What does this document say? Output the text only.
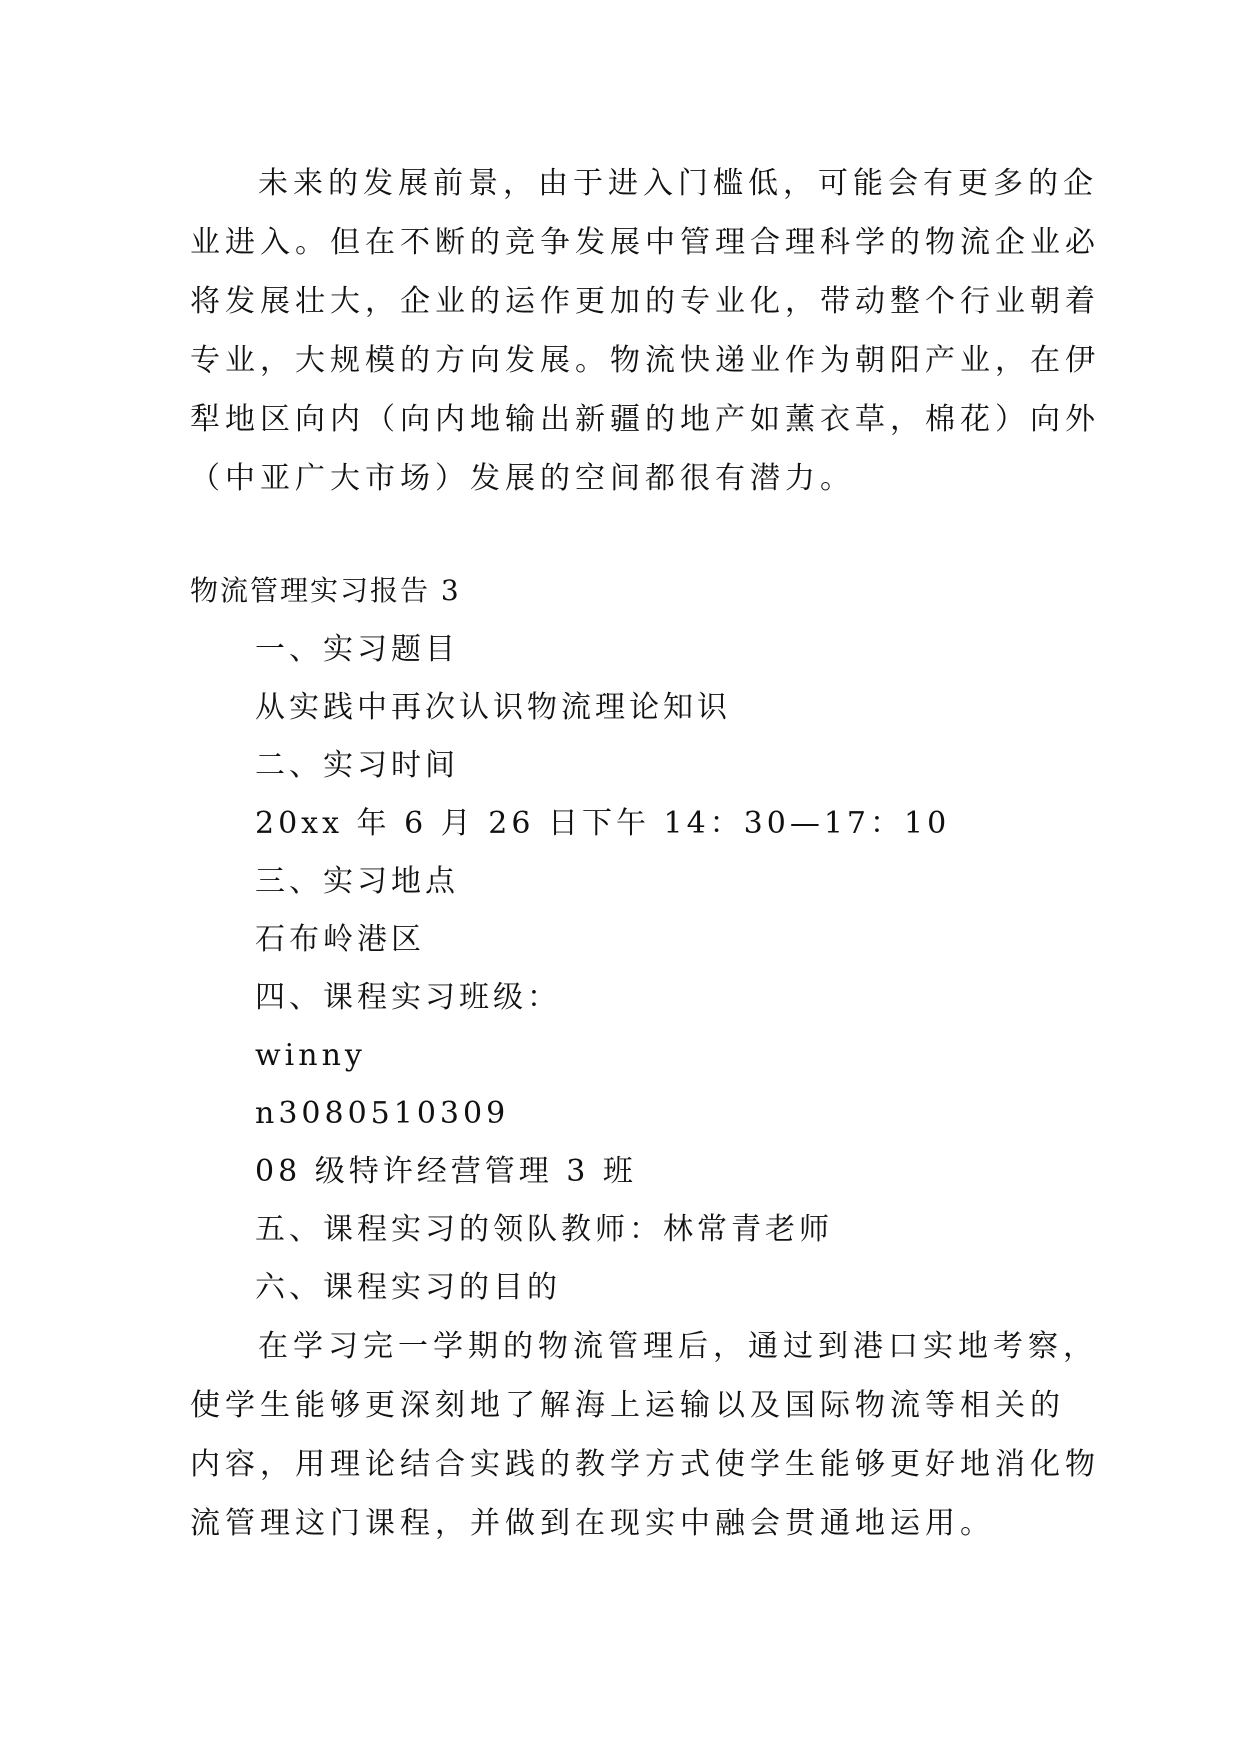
未来的发展前景，由于进入门槛低，可能会有更多的企
业进入。但在不断的竞争发展中管理合理科学的物流企业必
将发展壮大，企业的运作更加的专业化，带动整个行业朝着
专业，大规模的方向发展。物流快递业作为朝阳产业，在伊
犁地区向内（向内地输出新疆的地产如薰衣草，棉花）向外
（中亚广大市场）发展的空间都很有潜力。
物流管理实习报告 3
一、实习题目
从实践中再次认识物流理论知识
二、实习时间
20xx 年 6 月 26 日下午 14：30—17：10
三、实习地点
石布岭港区
四、课程实习班级：
winny
n3080510309
08 级特许经营管理 3 班
五、课程实习的领队教师：林常青老师
六、课程实习的目的
在学习完一学期的物流管理后，通过到港口实地考察，
使学生能够更深刻地了解海上运输以及国际物流等相关的
内容，用理论结合实践的教学方式使学生能够更好地消化物
流管理这门课程，并做到在现实中融会贯通地运用。
